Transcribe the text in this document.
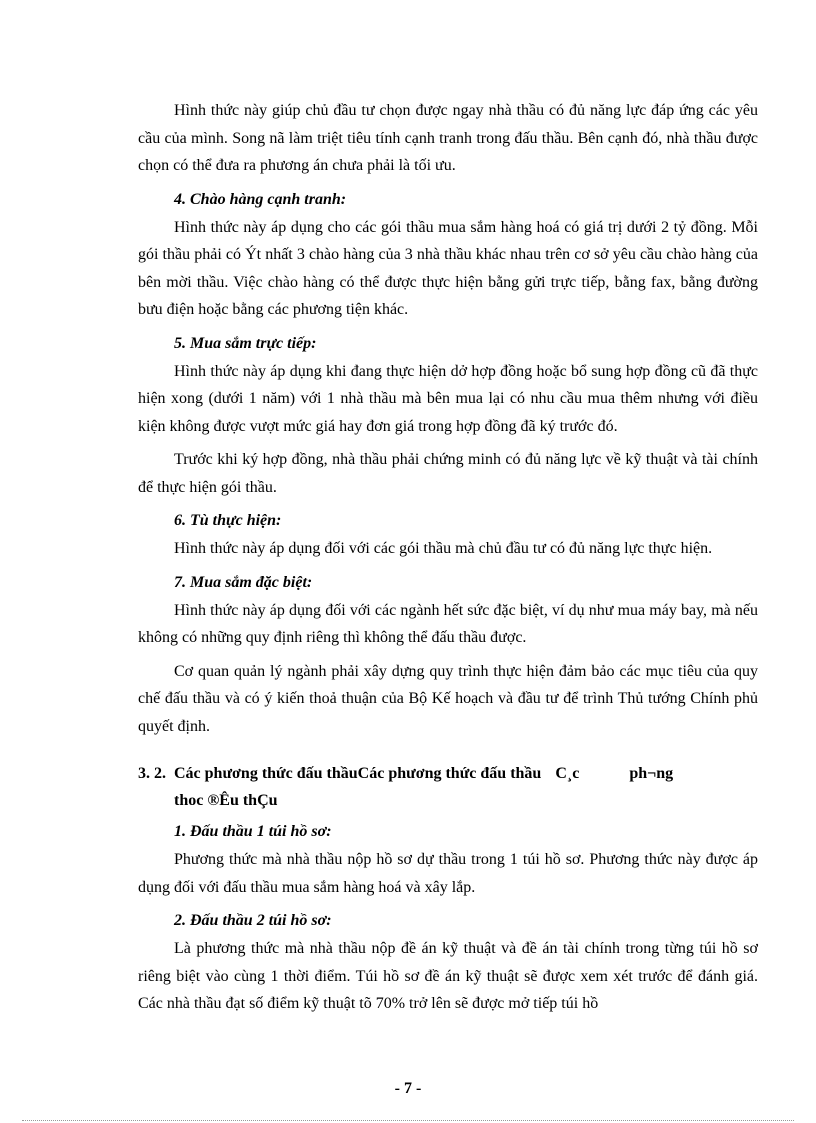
Hình thức này giúp chủ đầu tư chọn được ngay nhà thầu có đủ năng lực đáp ứng các yêu cầu của mình. Song nã làm triệt tiêu tính cạnh tranh trong đấu thầu. Bên cạnh đó, nhà thầu được chọn có thể đưa ra phương án chưa phải là tối ưu.

4. Chào hàng cạnh tranh:

Hình thức này áp dụng cho các gói thầu mua sắm hàng hoá có giá trị dưới 2 tỷ đồng. Mỗi gói thầu phải có Ýt nhất 3 chào hàng của 3 nhà thầu khác nhau trên cơ sở yêu cầu chào hàng của bên mời thầu. Việc chào hàng có thể được thực hiện bằng gửi trực tiếp, bằng fax, bằng đường bưu điện hoặc bằng các phương tiện khác.

5. Mua sắm trực tiếp:

Hình thức này áp dụng khi đang thực hiện dở hợp đồng hoặc bổ sung hợp đồng cũ đã thực hiện xong (dưới 1 năm) với 1 nhà thầu mà bên mua lại có nhu cầu mua thêm nhưng với điều kiện không được vượt mức giá hay đơn giá trong hợp đồng đã ký trước đó.

Trước khi ký hợp đồng, nhà thầu phải chứng minh có đủ năng lực về kỹ thuật và tài chính để thực hiện gói thầu.

6. Tù thực hiện:

Hình thức này áp dụng đối với các gói thầu mà chủ đầu tư có đủ năng lực thực hiện.

7. Mua sắm đặc biệt:

Hình thức này áp dụng đối với các ngành hết sức đặc biệt, ví dụ như mua máy bay, mà nếu không có những quy định riêng thì không thể đấu thầu được.

Cơ quan quản lý ngành phải xây dựng quy trình thực hiện đảm bảo các mục tiêu của quy chế đấu thầu và có ý kiến thoả thuận của Bộ Kế hoạch và đầu tư để trình Thủ tướng Chính phủ quyết định.

3. 2. Các phương thức đấu thầuCác phương thức đấu thầu C¸c	ph¬ng
thoc ®Êu thÇu
1. Đấu thầu 1 túi hồ sơ:

Phương thức mà nhà thầu nộp hồ sơ dự thầu trong 1 túi hồ sơ. Phương thức này được áp dụng đối với đấu thầu mua sắm hàng hoá và xây lắp.

2. Đấu thầu 2 túi hồ sơ:

Là phương thức mà nhà thầu nộp đề án kỹ thuật và đề án tài chính trong từng túi hồ sơ riêng biệt vào cùng 1 thời điểm. Túi hồ sơ đề án kỹ thuật sẽ được xem xét trước để đánh giá. Các nhà thầu đạt số điểm kỹ thuật tõ 70% trở lên sẽ được mở tiếp túi hồ

- 7 -
